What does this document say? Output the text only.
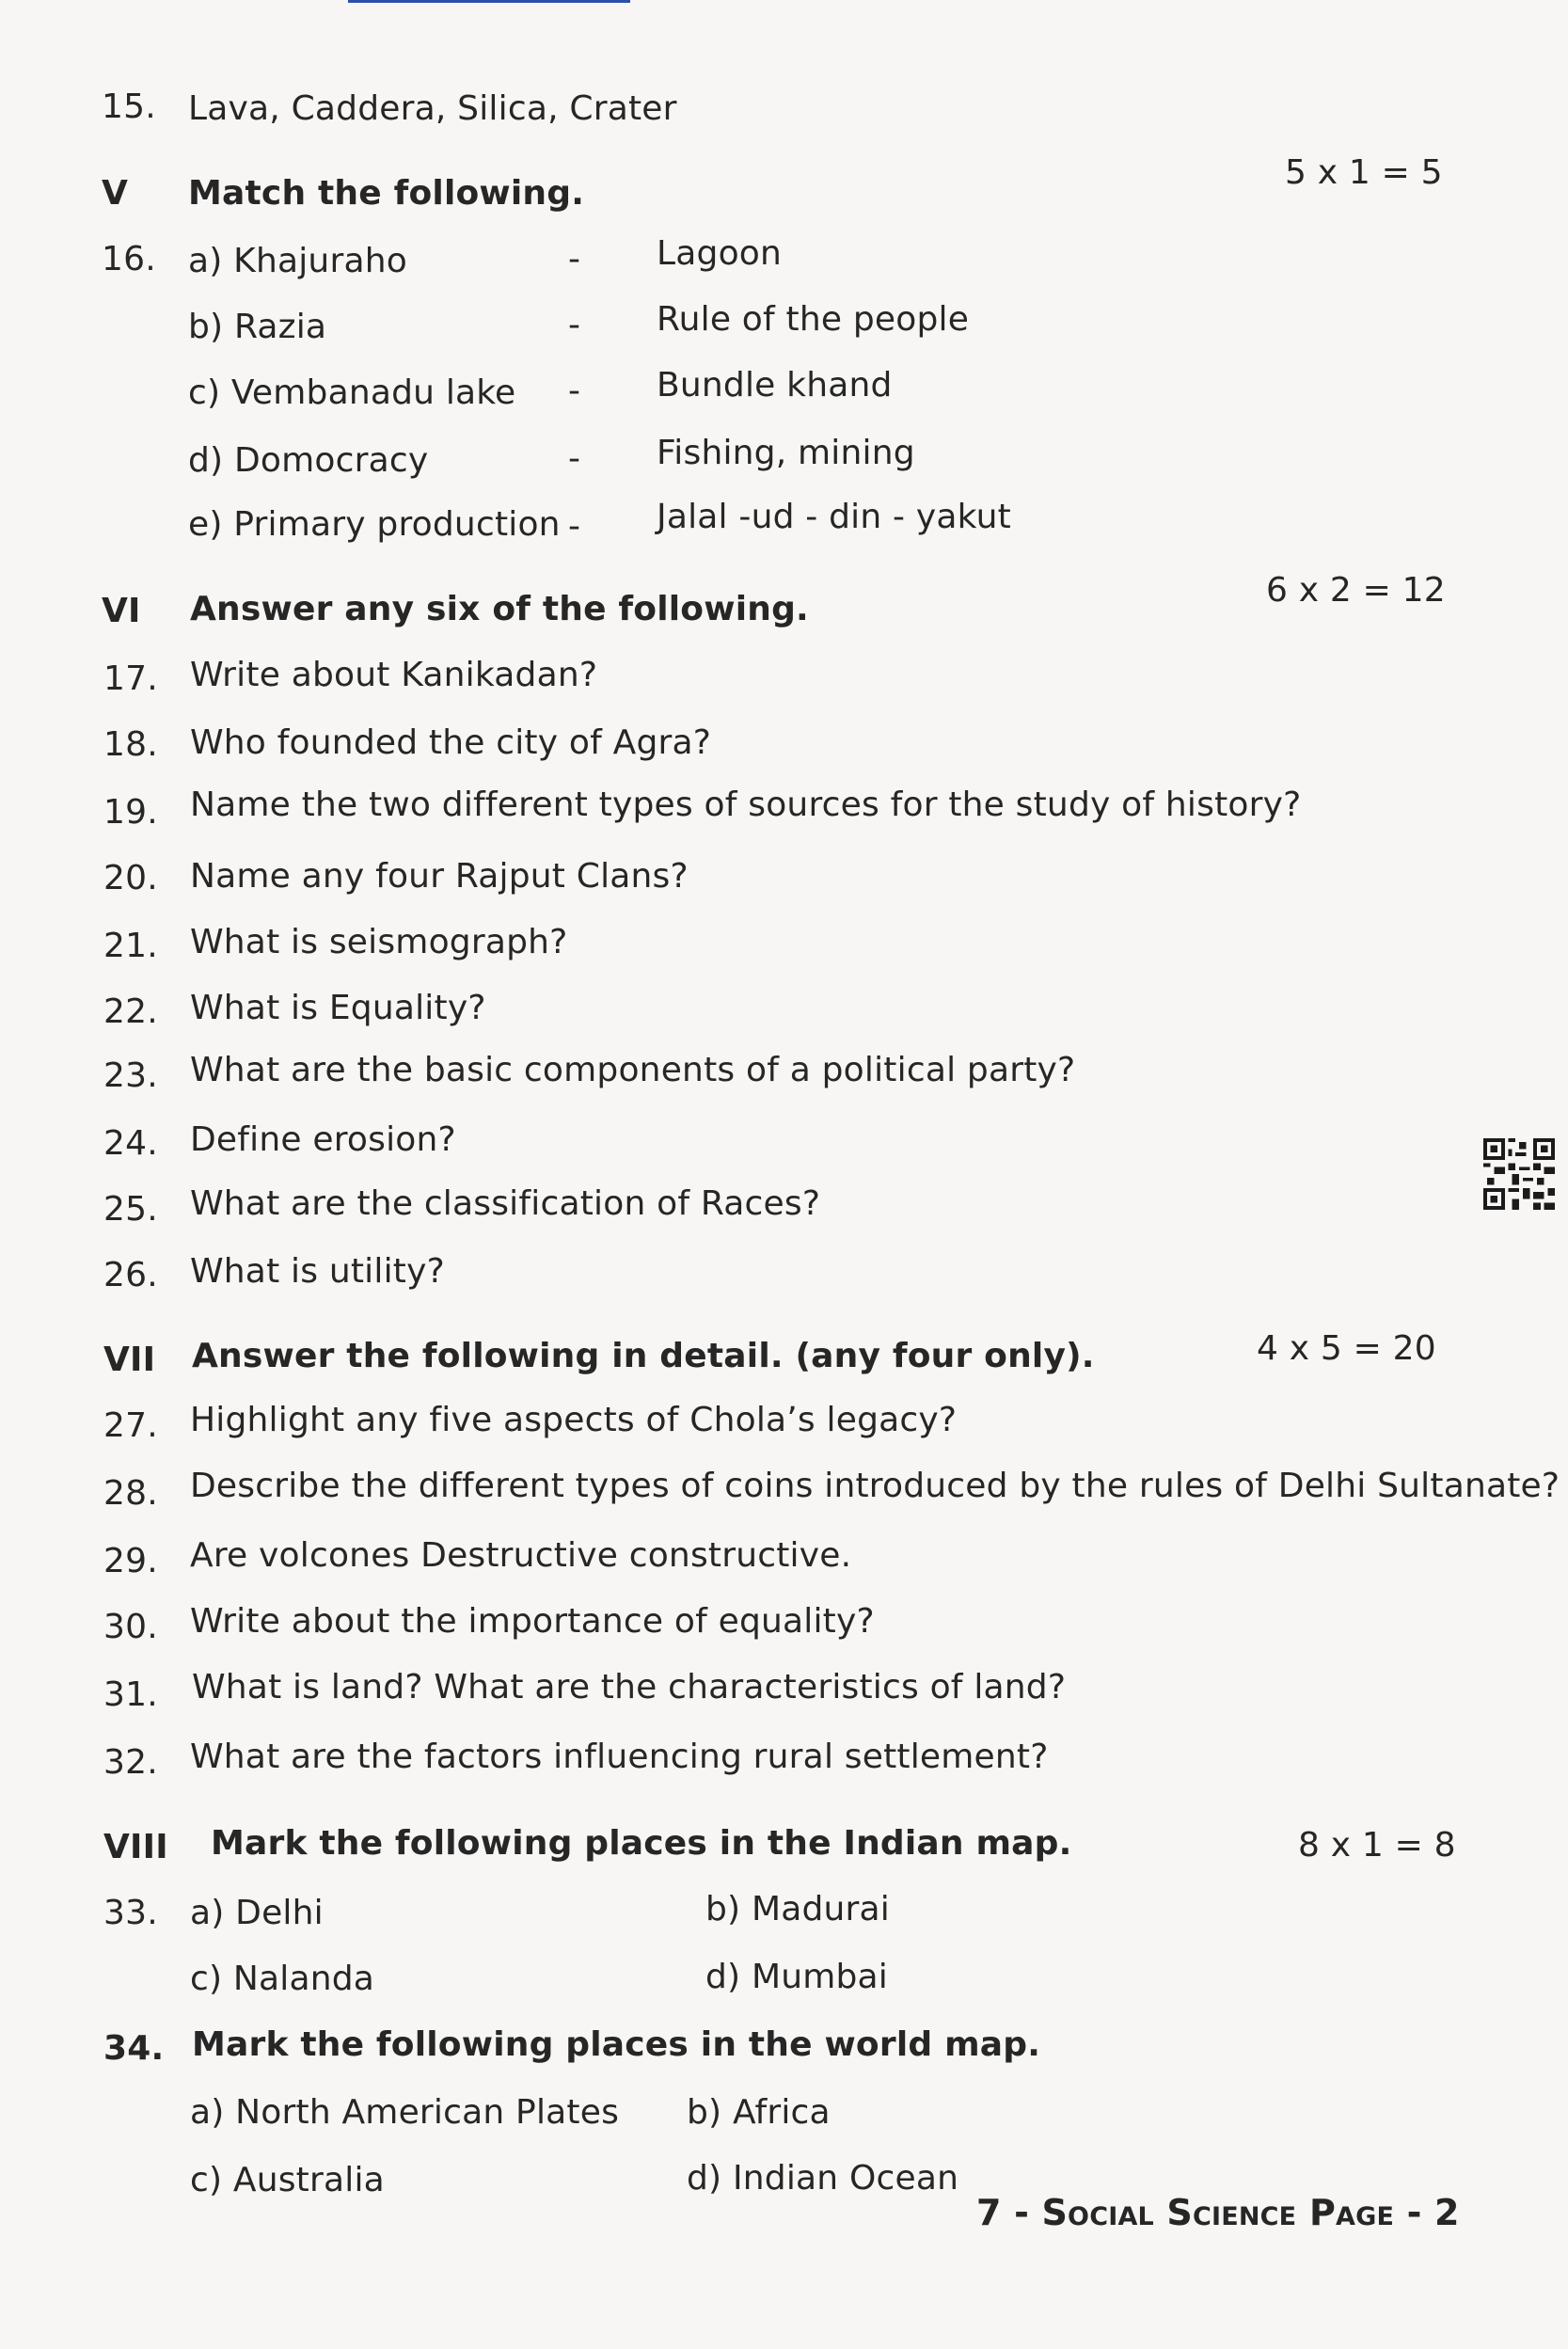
15. Lava, Caddera, Silica, Crater
V Match the following.
5 x 1 = 5
16. a) Khajuraho	- Lagoon
b) Razia	- Rule of the people
c) Vembanadu lake - Bundle khand
d) Domocracy	- Fishing, mining
e) Primary production - Jalal -ud - din - yakut
VI Answer any six of the following.	6 x 2 = 12
17. Write about Kanikadan?
18. Who founded the city of Agra?
19. Name the two different types of sources for the study of history?
20. Name any four Rajput Clans?
21. What is seismograph?
22. What is Equality?
23. What are the basic components of a political party?
24. Define erosion?
25. What are the classification of Races?
26. What is utility?
VII Answer the following in detail. (any four only).	4 x 5 = 20
27. Highlight any five aspects of Chola’s legacy?
28. Describe the different types of coins introduced by the rules of Delhi Sultanate?
29. Are volcones Destructive constructive.
30. Write about the importance of equality?
31. What is land? What are the characteristics of land?
32. What are the factors influencing rural settlement?
VIII Mark the following places in the Indian map.	8 x 1 = 8
33. a) Delhi	b) Madurai
c) Nalanda	d) Mumbai
34. Mark the following places in the world map.
a) North American Plates b) Africa
c) Australia	d) Indian Ocean
7 - Social Science Page - 2
